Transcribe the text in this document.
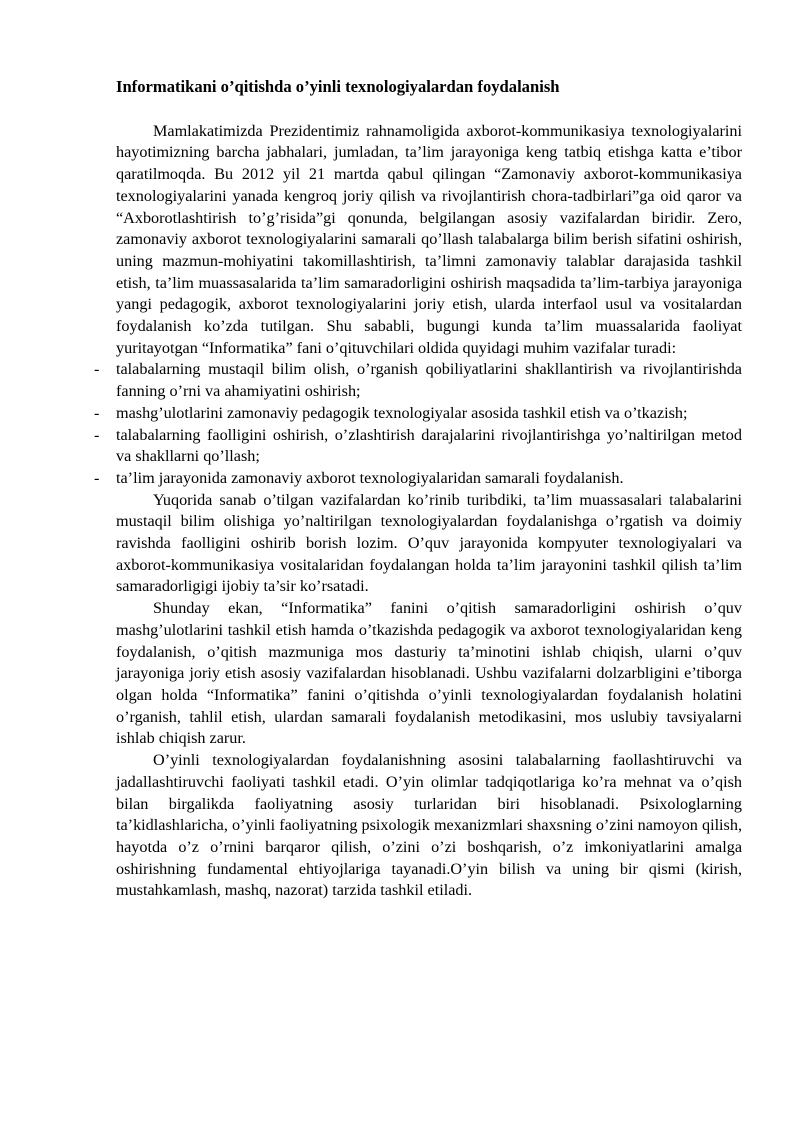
Informatikani o’qitishda o’yinli texnologiyalardan foydalanish

Mamlakatimizda Prezidentimiz rahnamoligida axborot-kommunikasiya texnologiyalarini hayotimizning barcha jabhalari, jumladan, ta’lim jarayoniga keng tatbiq etishga katta e’tibor qaratilmoqda. Bu 2012 yil 21 martda qabul qilingan “Zamonaviy axborot-kommunikasiya texnologiyalarini yanada kengroq joriy qilish va rivojlantirish chora-tadbirlari”ga oid qaror va “Axborotlashtirish to’g’risida”gi qonunda, belgilangan asosiy vazifalardan biridir. Zero, zamonaviy axborot texnologiyalarini samarali qo’llash talabalarga bilim berish sifatini oshirish, uning mazmun-mohiyatini takomillashtirish, ta’limni zamonaviy talablar darajasida tashkil etish, ta’lim muassasalarida ta’lim samaradorligini oshirish maqsadida ta’lim-tarbiya jarayoniga yangi pedagogik, axborot texnologiyalarini joriy etish, ularda interfaol usul va vositalardan foydalanish ko’zda tutilgan. Shu sababli, bugungi kunda ta’lim muassalarida faoliyat yuritayotgan “Informatika” fani o’qituvchilari oldida quyidagi muhim vazifalar turadi:

- talabalarning mustaqil bilim olish, o’rganish qobiliyatlarini shakllantirish va rivojlantirishda fanning o’rni va ahamiyatini oshirish;
- mashg’ulotlarini zamonaviy pedagogik texnologiyalar asosida tashkil etish va o’tkazish;
- talabalarning faolligini oshirish, o’zlashtirish darajalarini rivojlantirishga yo’naltirilgan metod va shakllarni qo’llash;
- ta’lim jarayonida zamonaviy axborot texnologiyalaridan samarali foydalanish.

Yuqorida sanab o’tilgan vazifalardan ko’rinib turibdiki, ta’lim muassasalari talabalarini mustaqil bilim olishiga yo’naltirilgan texnologiyalardan foydalanishga o’rgatish va doimiy ravishda faolligini oshirib borish lozim. O’quv jarayonida kompyuter texnologiyalari va axborot-kommunikasiya vositalaridan foydalangan holda ta’lim jarayonini tashkil qilish ta’lim samaradorligigi ijobiy ta’sir ko’rsatadi.

Shunday ekan, “Informatika” fanini o’qitish samaradorligini oshirish o’quv mashg’ulotlarini tashkil etish hamda o’tkazishda pedagogik va axborot texnologiyalaridan keng foydalanish, o’qitish mazmuniga mos dasturiy ta’minotini ishlab chiqish, ularni o’quv jarayoniga joriy etish asosiy vazifalardan hisoblanadi. Ushbu vazifalarni dolzarbligini e’tiborga olgan holda “Informatika” fanini o’qitishda o’yinli texnologiyalardan foydalanish holatini o’rganish, tahlil etish, ulardan samarali foydalanish metodikasini, mos uslubiy tavsiyalarni ishlab chiqish zarur.

O’yinli texnologiyalardan foydalanishning asosini talabalarning faollashtiruvchi va jadallashtiruvchi faoliyati tashkil etadi. O’yin olimlar tadqiqotlariga ko’ra mehnat va o’qish bilan birgalikda faoliyatning asosiy turlaridan biri hisoblanadi. Psixologlarning ta’kidlashlaricha, o’yinli faoliyatning psixologik mexanizmlari shaxsning o’zini namoyon qilish, hayotda o’z o’rnini barqaror qilish, o’zini o’zi boshqarish, o’z imkoniyatlarini amalga oshirishning fundamental ehtiyojlariga tayanadi.O’yin bilish va uning bir qismi (kirish, mustahkamlash, mashq, nazorat) tarzida tashkil etiladi.
